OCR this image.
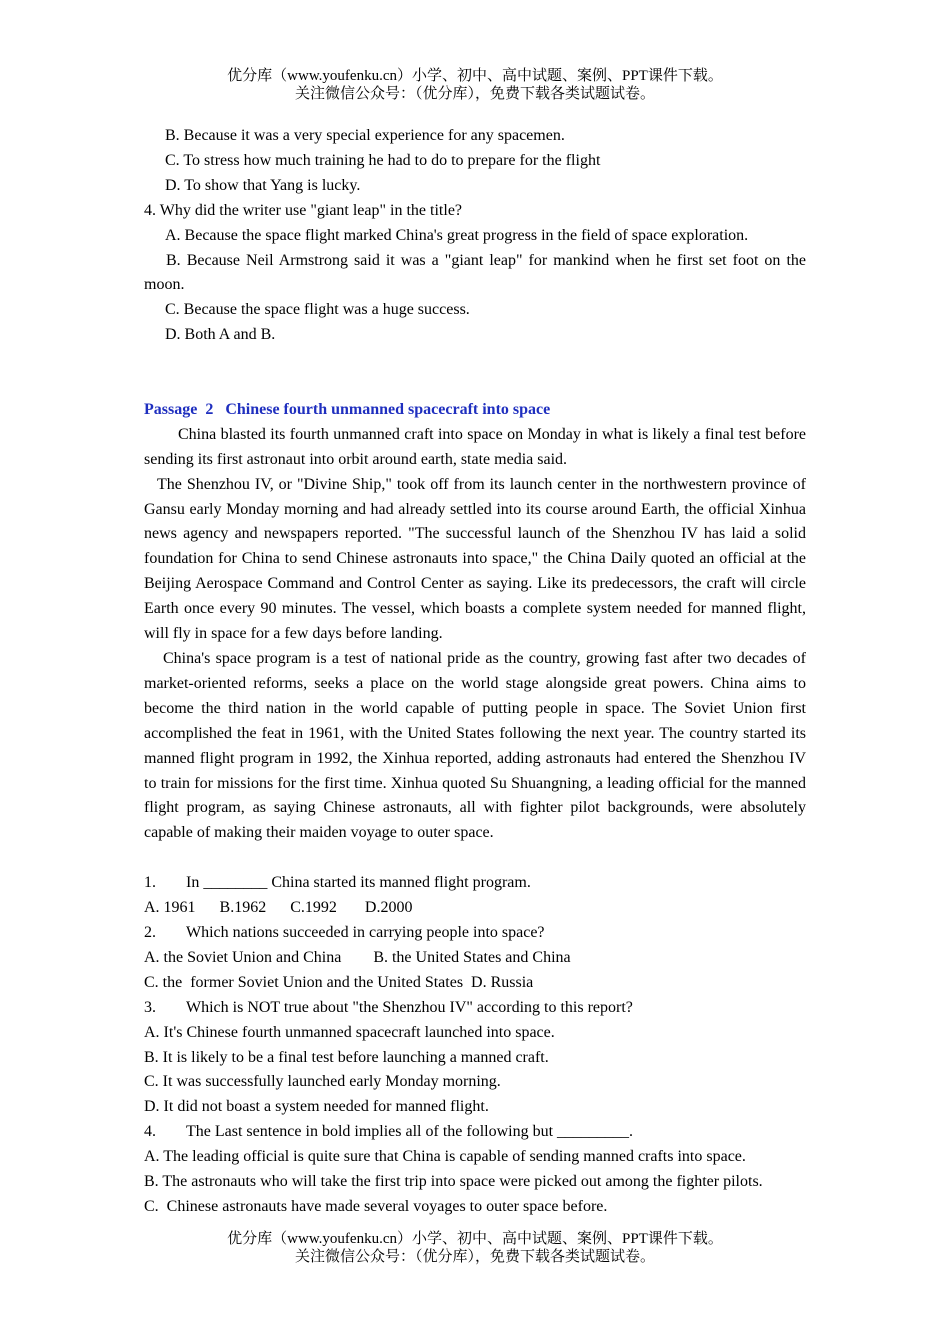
优分库（www.youfenku.cn）小学、初中、高中试题、案例、PPT课件下载。
关注微信公众号：（优分库），免费下载各类试题试卷。
B. Because it was a very special experience for any spacemen.
C. To stress how much training he had to do to prepare for the flight
D. To show that Yang is lucky.
4. Why did the writer use "giant leap" in the title?
A. Because the space flight marked China's great progress in the field of space exploration.

B. Because Neil Armstrong said it was a "giant leap" for mankind when he first set foot on the moon.

C. Because the space flight was a huge success.
D. Both A and B.
Passage  2   Chinese fourth unmanned spacecraft into space

China blasted its fourth unmanned craft into space on Monday in what is likely a final test before sending its first astronaut into orbit around earth, state media said.

The Shenzhou IV, or "Divine Ship," took off from its launch center in the northwestern province of Gansu early Monday morning and had already settled into its course around Earth, the official Xinhua news agency and newspapers reported. "The successful launch of the Shenzhou IV has laid a solid foundation for China to send Chinese astronauts into space," the China Daily quoted an official at the Beijing Aerospace Command and Control Center as saying. Like its predecessors, the craft will circle Earth once every 90 minutes. The vessel, which boasts a complete system needed for manned flight, will fly in space for a few days before landing.

China's space program is a test of national pride as the country, growing fast after two decades of market-oriented reforms, seeks a place on the world stage alongside great powers. China aims to become the third nation in the world capable of putting people in space. The Soviet Union first accomplished the feat in 1961, with the United States following the next year. The country started its manned flight program in 1992, the Xinhua reported, adding astronauts had entered the Shenzhou IV to train for missions for the first time. Xinhua quoted Su Shuangning, a leading official for the manned flight program, as saying Chinese astronauts, all with fighter pilot backgrounds, were absolutely capable of making their maiden voyage to outer space.

1. In ________ China started its manned flight program.
A. 1961      B.1962      C.1992       D.2000
2. Which nations succeeded in carrying people into space?
A. the Soviet Union and China        B. the United States and China
C. the  former Soviet Union and the United States  D. Russia
3. Which is NOT true about "the Shenzhou IV" according to this report?
A. It's Chinese fourth unmanned spacecraft launched into space.
B. It is likely to be a final test before launching a manned craft.
C. It was successfully launched early Monday morning.
D. It did not boast a system needed for manned flight.
4. The Last sentence in bold implies all of the following but _________.
A. The leading official is quite sure that China is capable of sending manned crafts into space.
B. The astronauts who will take the first trip into space were picked out among the fighter pilots.
C.  Chinese astronauts have made several voyages to outer space before.
优分库（www.youfenku.cn）小学、初中、高中试题、案例、PPT课件下载。
关注微信公众号：（优分库），免费下载各类试题试卷。
